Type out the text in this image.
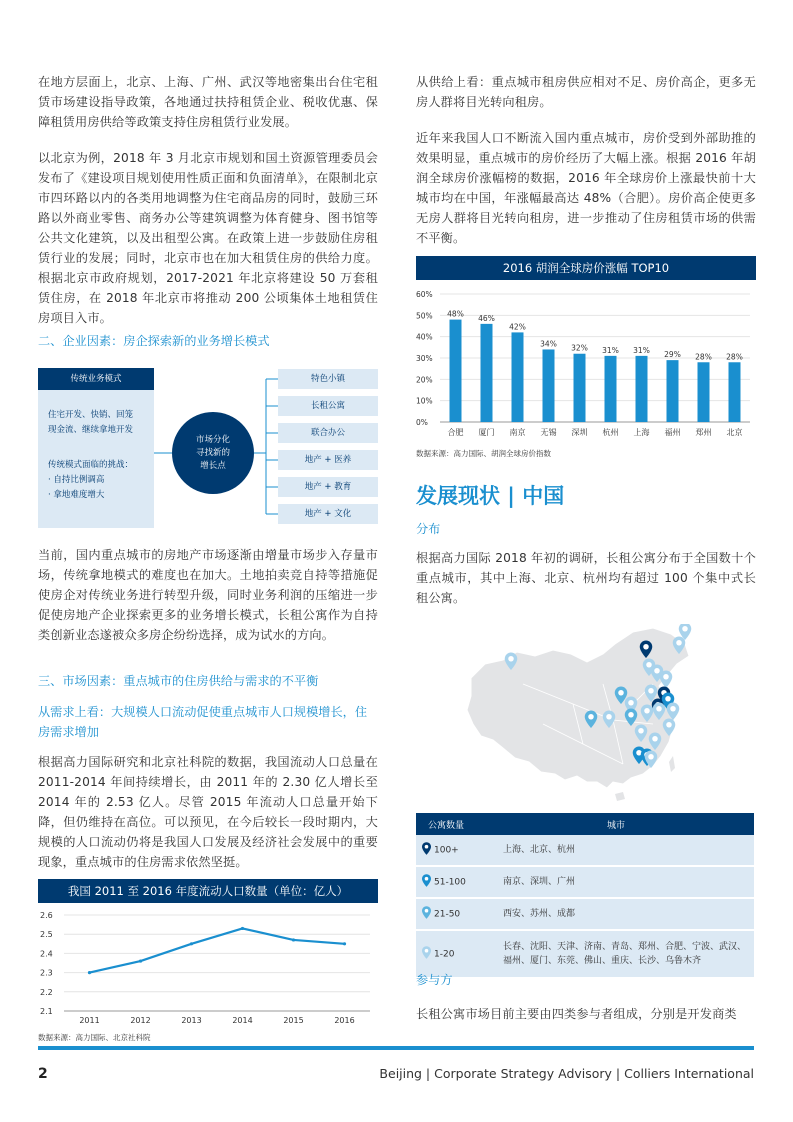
在地方层面上，北京、上海、广州、武汉等地密集出台住宅租赁市场建设指导政策，各地通过扶持租赁企业、税收优惠、保障租赁用房供给等政策支持住房租赁行业发展。

以北京为例，2018 年 3 月北京市规划和国土资源管理委员会发布了《建设项目规划使用性质正面和负面清单》，在限制北京市四环路以内的各类用地调整为住宅商品房的同时，鼓励三环路以外商业零售、商务办公等建筑调整为体育健身、图书馆等公共文化建筑，以及出租型公寓。在政策上进一步鼓励住房租赁行业的发展；同时，北京市也在加大租赁住房的供给力度。根据北京市政府规划，2017-2021 年北京将建设 50 万套租赁住房，在 2018 年北京市将推动 200 公顷集体土地租赁住房项目入市。

二、企业因素：房企探索新的业务增长模式

传统业务模式
住宅开发、快销、回笼
现金流、继续拿地开发
传统模式面临的挑战：
· 自持比例调高
· 拿地难度增大
市场分化
寻找新的
增长点
特色小镇
长租公寓
联合办公
地产 + 医养
地产 + 教育
地产 + 文化

当前，国内重点城市的房地产市场逐渐由增量市场步入存量市场，传统拿地模式的难度也在加大。土地拍卖竞自持等措施促使房企对传统业务进行转型升级，同时业务利润的压缩进一步促使房地产企业探索更多的业务增长模式，长租公寓作为自持类创新业态遂被众多房企纷纷选择，成为试水的方向。

三、市场因素：重点城市的住房供给与需求的不平衡

从需求上看：大规模人口流动促使重点城市人口规模增长，住房需求增加

根据高力国际研究和北京社科院的数据，我国流动人口总量在 2011-2014 年间持续增长，由 2011 年的 2.30 亿人增长至 2014 年的 2.53 亿人。尽管 2015 年流动人口总量开始下降，但仍维持在高位。可以预见，在今后较长一段时期内，大规模的人口流动仍将是我国人口发展及经济社会发展中的重要现象，重点城市的住房需求依然坚挺。

我国 2011 至 2016 年度流动人口数量（单位：亿人）
2.6
2.5
2.4
2.3
2.2
2.1
2011	2012	2013	2014	2015	2016
数据来源：高力国际、北京社科院

从供给上看：重点城市租房供应相对不足、房价高企，更多无房人群将目光转向租房。

近年来我国人口不断流入国内重点城市，房价受到外部助推的效果明显，重点城市的房价经历了大幅上涨。根据 2016 年胡润全球房价涨幅榜的数据，2016 年全球房价上涨最快前十大城市均在中国，年涨幅最高达 48%（合肥）。房价高企使更多无房人群将目光转向租房，进一步推动了住房租赁市场的供需不平衡。

2016 胡润全球房价涨幅 TOP10
60%
50%
40%
30%
20%
10%
0%
48%
合肥
46%
厦门
42%
南京
34%
无锡
32%
深圳
31%
杭州
31%
上海
29%
福州
28%
郑州
28%
北京
数据来源：高力国际、胡润全球房价指数
发展现状 | 中国

分布

根据高力国际 2018 年初的调研，长租公寓分布于全国数十个重点城市，其中上海、北京、杭州均有超过 100 个集中式长租公寓。

公寓数量	城市
100+	上海、北京、杭州
51-100	南京、深圳、广州
21-50	西安、苏州、成都
1-20	长春、沈阳、天津、济南、青岛、郑州、合肥、宁波、武汉、福州、厦门、东莞、佛山、重庆、长沙、乌鲁木齐

参与方

长租公寓市场目前主要由四类参与者组成，分别是开发商类

2	Beijing | Corporate Strategy Advisory | Colliers International
